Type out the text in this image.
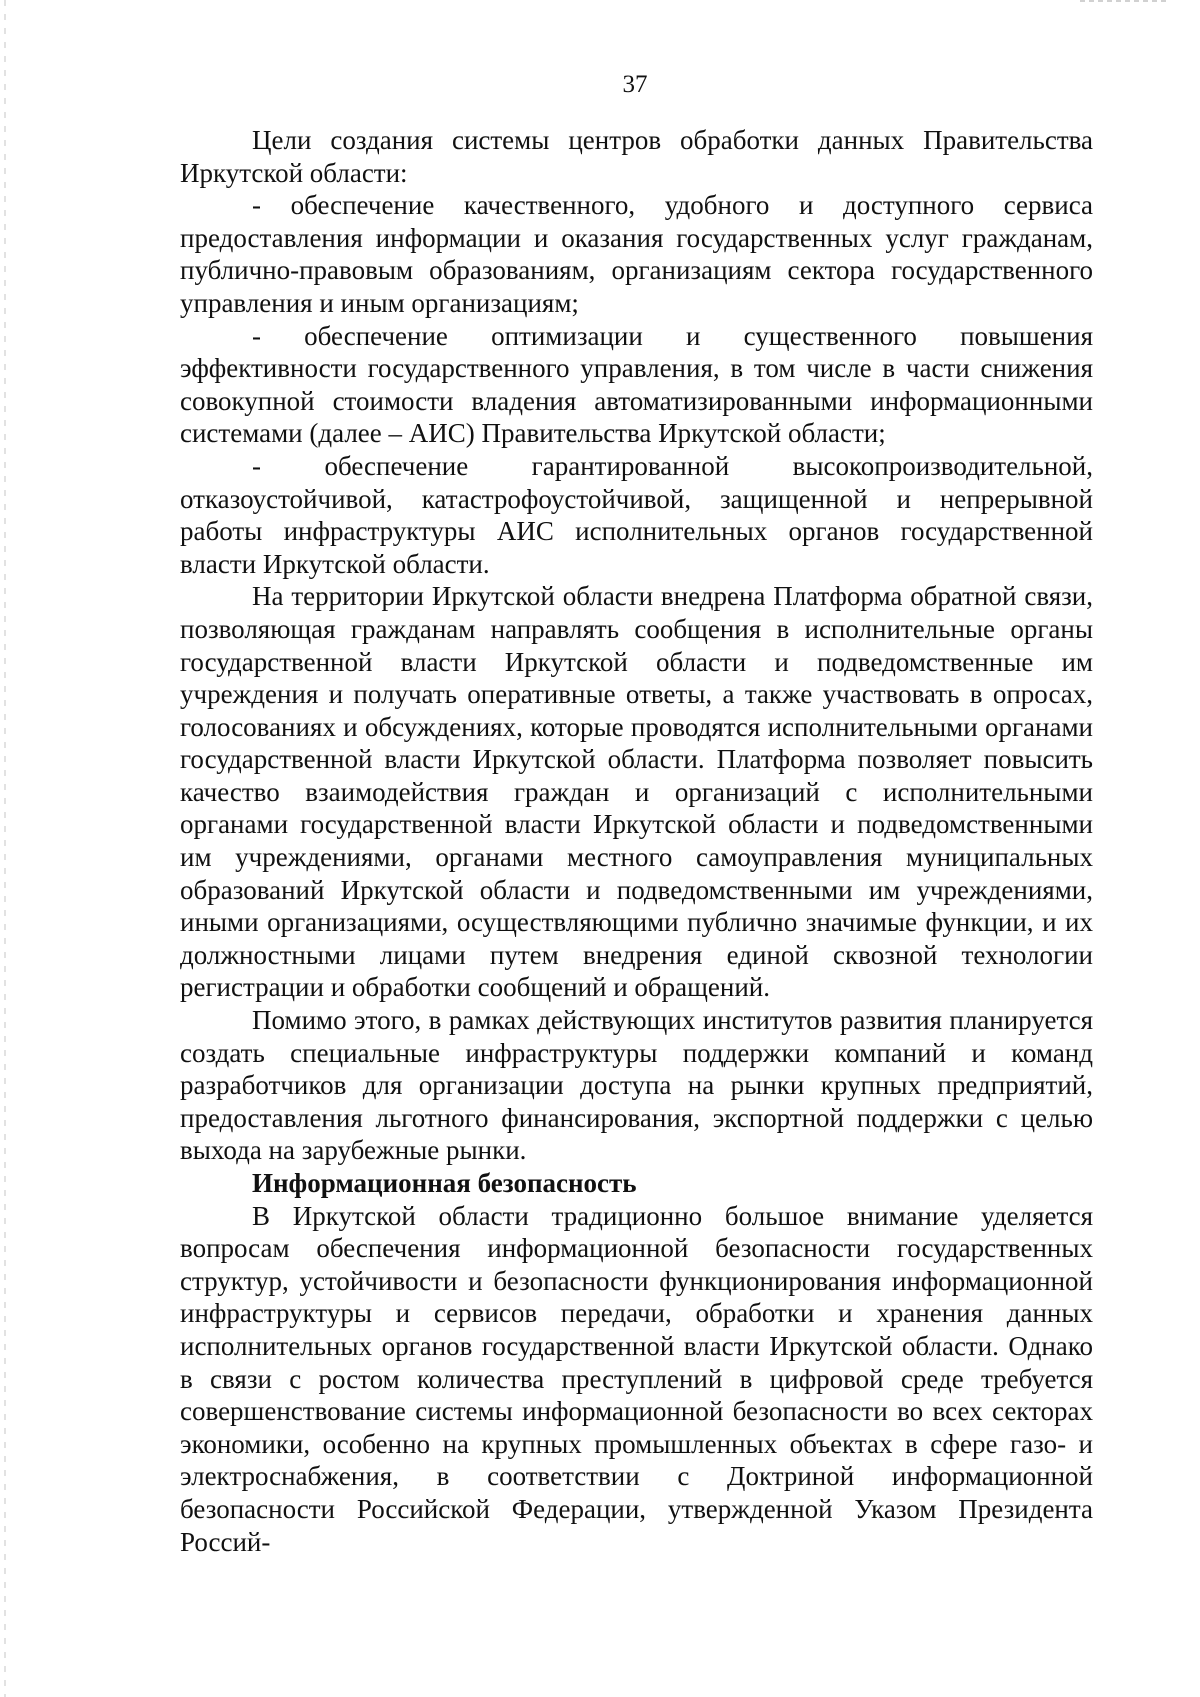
37

Цели создания системы центров обработки данных Правительства Иркутской области:

- обеспечение качественного, удобного и доступного сервиса предоставления информации и оказания государственных услуг гражданам, публично-правовым образованиям, организациям сектора государственного управления и иным организациям;

- обеспечение оптимизации и существенного повышения эффективности государственного управления, в том числе в части снижения совокупной стоимости владения автоматизированными информационными системами (далее – АИС) Правительства Иркутской области;

- обеспечение гарантированной высокопроизводительной, отказоустойчивой, катастрофоустойчивой, защищенной и непрерывной работы инфраструктуры АИС исполнительных органов государственной власти Иркутской области.

На территории Иркутской области внедрена Платформа обратной связи, позволяющая гражданам направлять сообщения в исполнительные органы государственной власти Иркутской области и подведомственные им учреждения и получать оперативные ответы, а также участвовать в опросах, голосованиях и обсуждениях, которые проводятся исполнительными органами государственной власти Иркутской области. Платформа позволяет повысить качество взаимодействия граждан и организаций с исполнительными органами государственной власти Иркутской области и подведомственными им учреждениями, органами местного самоуправления муниципальных образований Иркутской области и подведомственными им учреждениями, иными организациями, осуществляющими публично значимые функции, и их должностными лицами путем внедрения единой сквозной технологии регистрации и обработки сообщений и обращений.

Помимо этого, в рамках действующих институтов развития планируется создать специальные инфраструктуры поддержки компаний и команд разработчиков для организации доступа на рынки крупных предприятий, предоставления льготного финансирования, экспортной поддержки с целью выхода на зарубежные рынки.

Информационная безопасность

В Иркутской области традиционно большое внимание уделяется вопросам обеспечения информационной безопасности государственных структур, устойчивости и безопасности функционирования информационной инфраструктуры и сервисов передачи, обработки и хранения данных исполнительных органов государственной власти Иркутской области. Однако в связи с ростом количества преступлений в цифровой среде требуется совершенствование системы информационной безопасности во всех секторах экономики, особенно на крупных промышленных объектах в сфере газо- и электроснабжения, в соответствии с Доктриной информационной безопасности Российской Федерации, утвержденной Указом Президента Россий-
